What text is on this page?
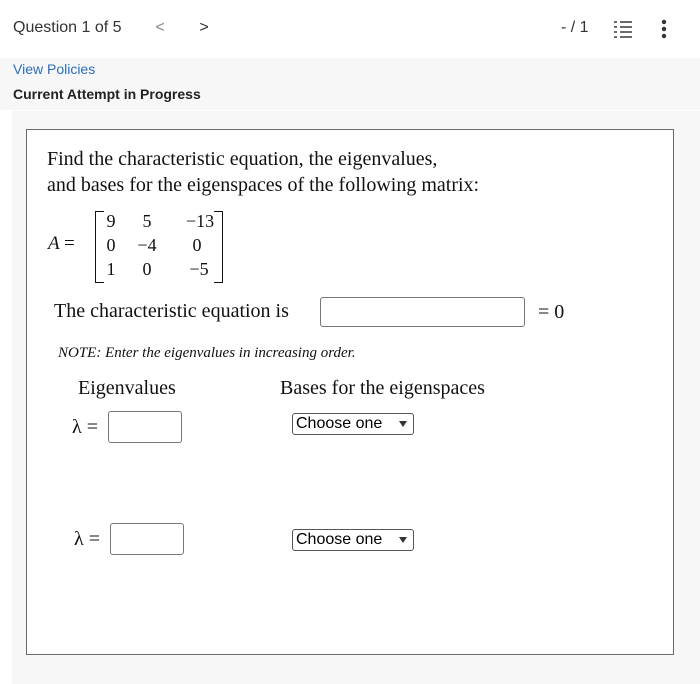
Question 1 of 5	<	>	- / 1
View Policies
Current Attempt in Progress
Find the characteristic equation, the eigenvalues,
and bases for the eigenspaces of the following matrix:
A =
9	5	−13
0	−4	0
1	0	−5
The characteristic equation is	= 0
NOTE: Enter the eigenvalues in increasing order.
Eigenvalues	Bases for the eigenspaces
λ =	Choose one
λ =	Choose one
